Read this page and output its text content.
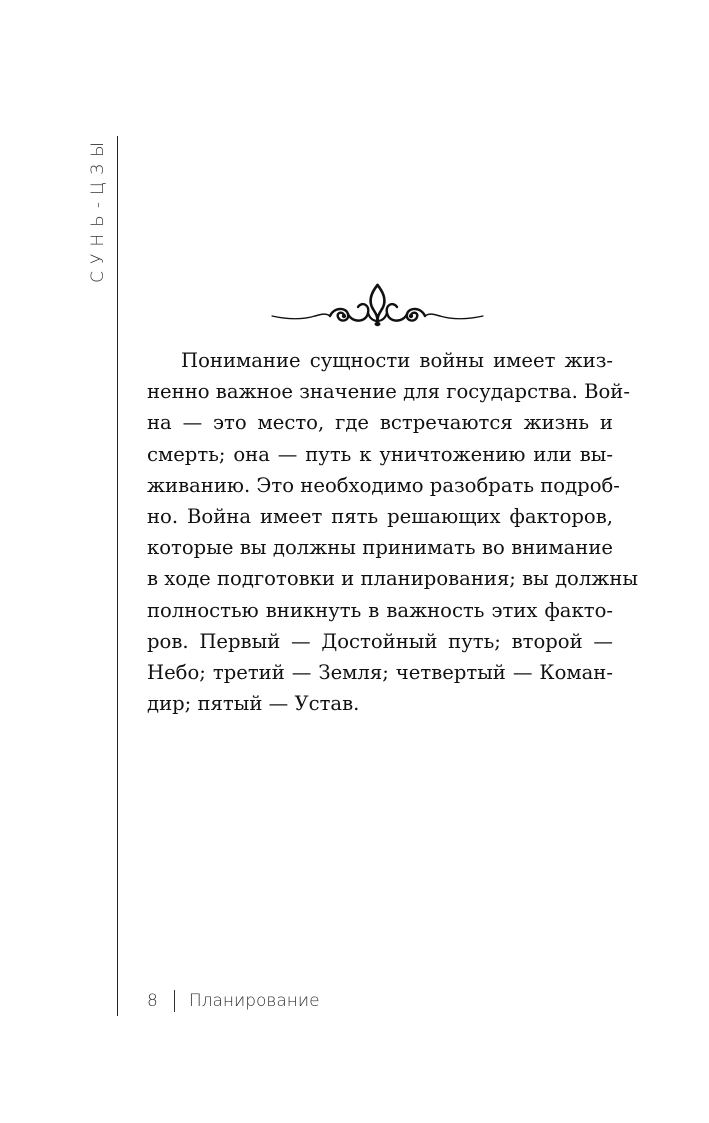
СУНЬ-ЦЗЫ
Понимание сущности войны имеет жиз-
ненно важное значение для государства. Вой-
на — это место, где встречаются жизнь и
смерть; она — путь к уничтожению или вы-
живанию. Это необходимо разобрать подроб-
но. Война имеет пять решающих факторов,
которые вы должны принимать во внимание
в ходе подготовки и планирования; вы должны
полностью вникнуть в важность этих факто-
ров. Первый — Достойный путь; второй —
Небо; третий — Земля; четвертый — Коман-
дир; пятый — Устав.
8 Планирование
